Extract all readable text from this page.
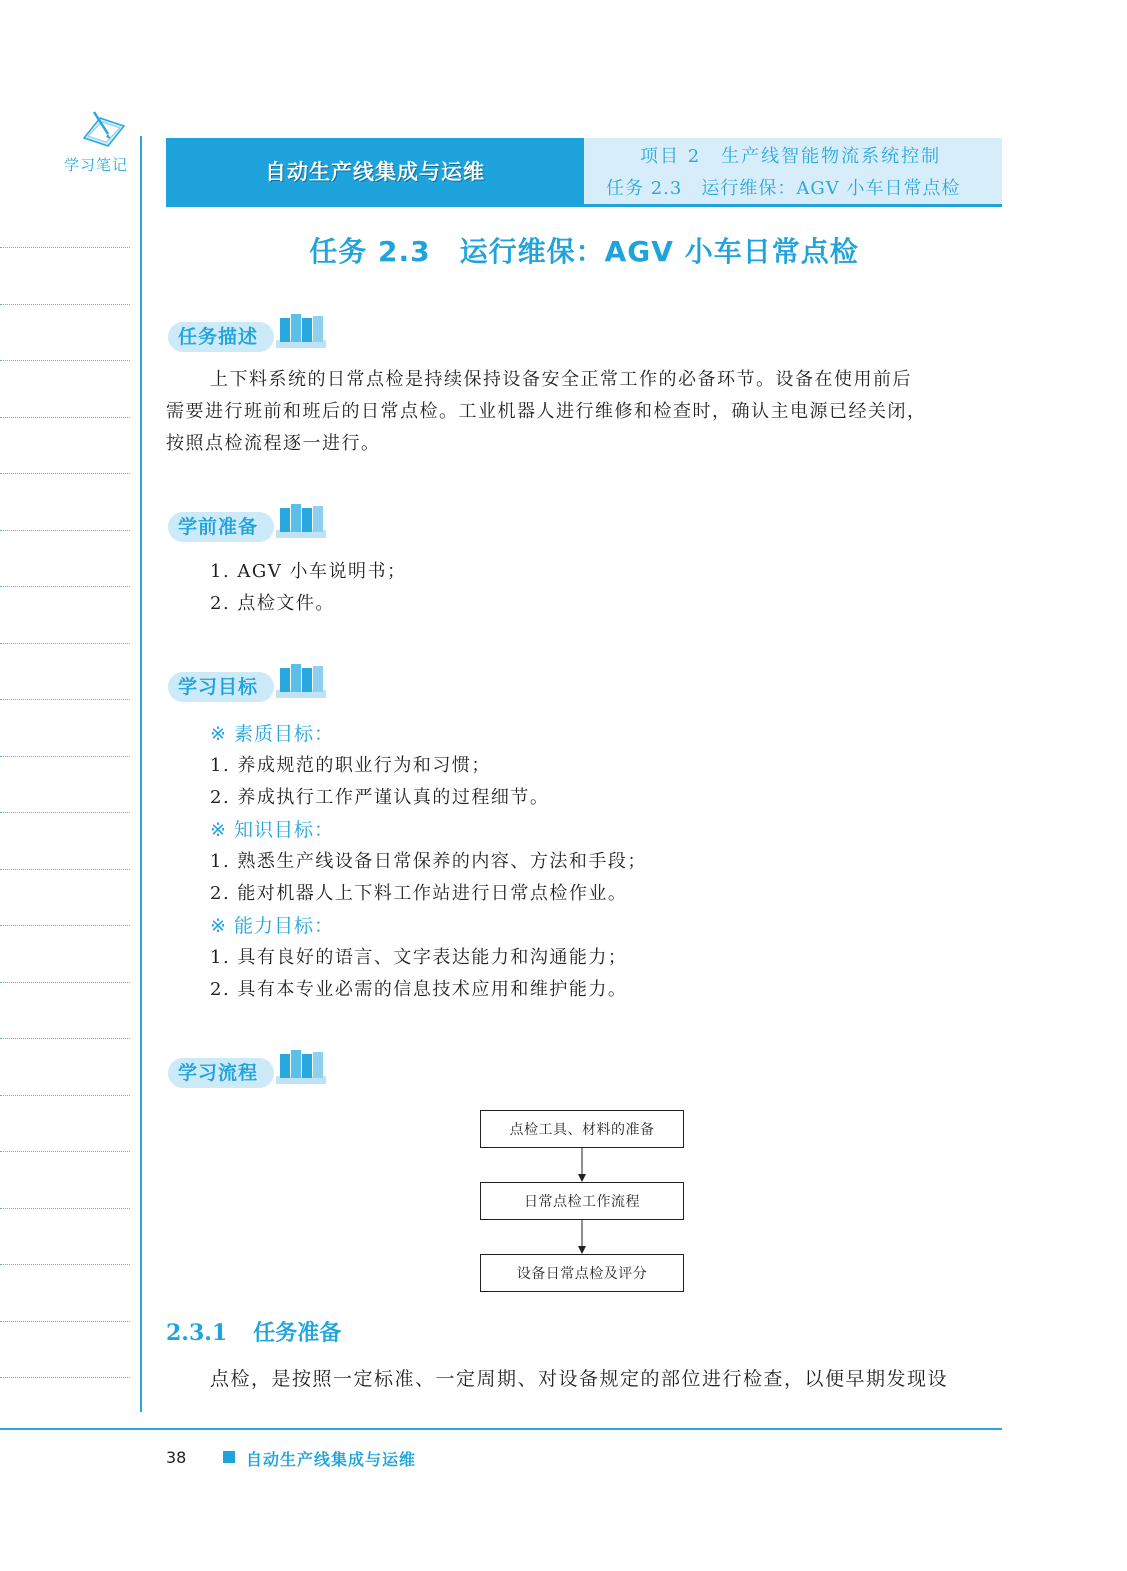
学习笔记	自动生产线集成与运维
项目 2　生产线智能物流系统控制
任务 2.3　运行维保：AGV 小车日常点检
任务 2.3　运行维保：AGV 小车日常点检
任务描述
上下料系统的日常点检是持续保持设备安全正常工作的必备环节。设备在使用前后
需要进行班前和班后的日常点检。工业机器人进行维修和检查时，确认主电源已经关闭，
按照点检流程逐一进行。
学前准备
1. AGV 小车说明书；
2. 点检文件。
学习目标
※ 素质目标：
1. 养成规范的职业行为和习惯；
2. 养成执行工作严谨认真的过程细节。
※ 知识目标：
1. 熟悉生产线设备日常保养的内容、方法和手段；
2. 能对机器人上下料工作站进行日常点检作业。
※ 能力目标：
1. 具有良好的语言、文字表达能力和沟通能力；
2. 具有本专业必需的信息技术应用和维护能力。
学习流程
点检工具、材料的准备
日常点检工作流程
设备日常点检及评分
2.3.1 任务准备
点检，是按照一定标准、一定周期、对设备规定的部位进行检查，以便早期发现设
38	自动生产线集成与运维
